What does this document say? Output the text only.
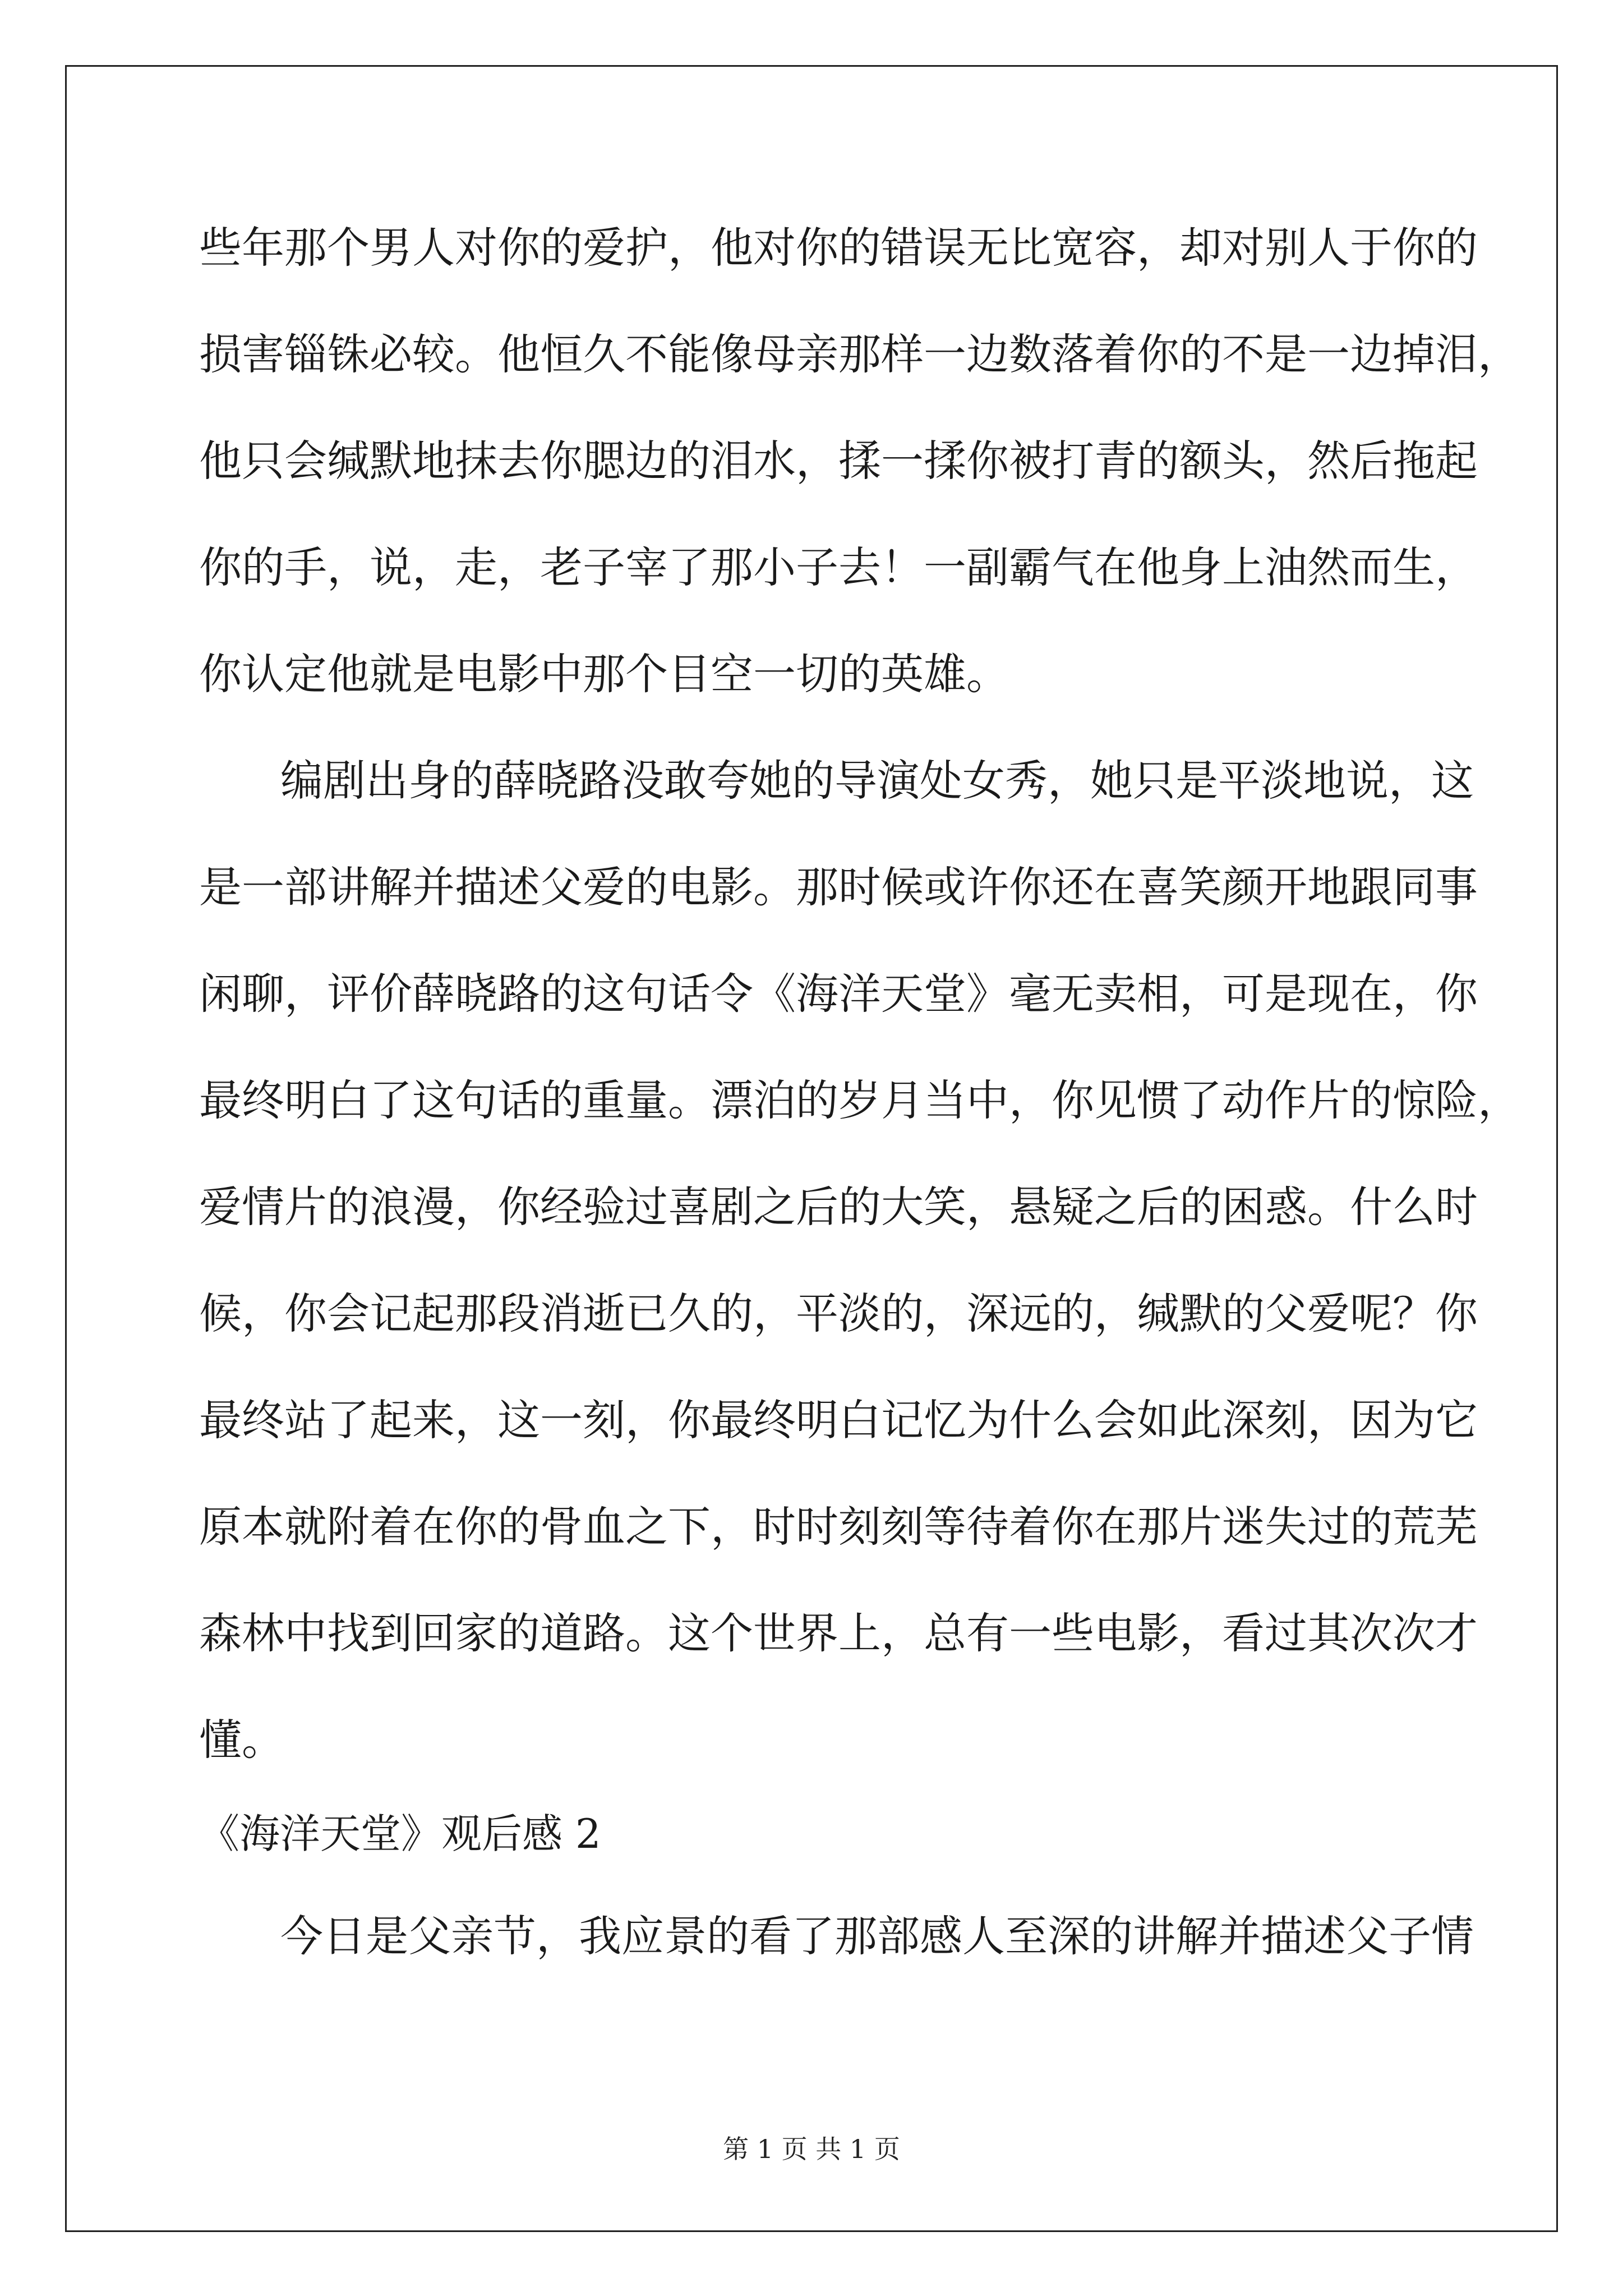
些年那个男人对你的爱护，他对你的错误无比宽容，却对别人于你的
损害锱铢必较。他恒久不能像母亲那样一边数落着你的不是一边掉泪，
他只会缄默地抹去你腮边的泪水，揉一揉你被打青的额头，然后拖起
你的手，说，走，老子宰了那小子去！一副霸气在他身上油然而生，
你认定他就是电影中那个目空一切的英雄。
编剧出身的薛晓路没敢夸她的导演处女秀，她只是平淡地说，这
是一部讲解并描述父爱的电影。那时候或许你还在喜笑颜开地跟同事
闲聊，评价薛晓路的这句话令《海洋天堂》毫无卖相，可是现在，你
最终明白了这句话的重量。漂泊的岁月当中，你见惯了动作片的惊险，
爱情片的浪漫，你经验过喜剧之后的大笑，悬疑之后的困惑。什么时
候，你会记起那段消逝已久的，平淡的，深远的，缄默的父爱呢？你
最终站了起来，这一刻，你最终明白记忆为什么会如此深刻，因为它
原本就附着在你的骨血之下，时时刻刻等待着你在那片迷失过的荒芜
森林中找到回家的道路。这个世界上，总有一些电影，看过其次次才
懂。
《海洋天堂》观后感 2
今日是父亲节，我应景的看了那部感人至深的讲解并描述父子情
第 1 页 共 1 页
